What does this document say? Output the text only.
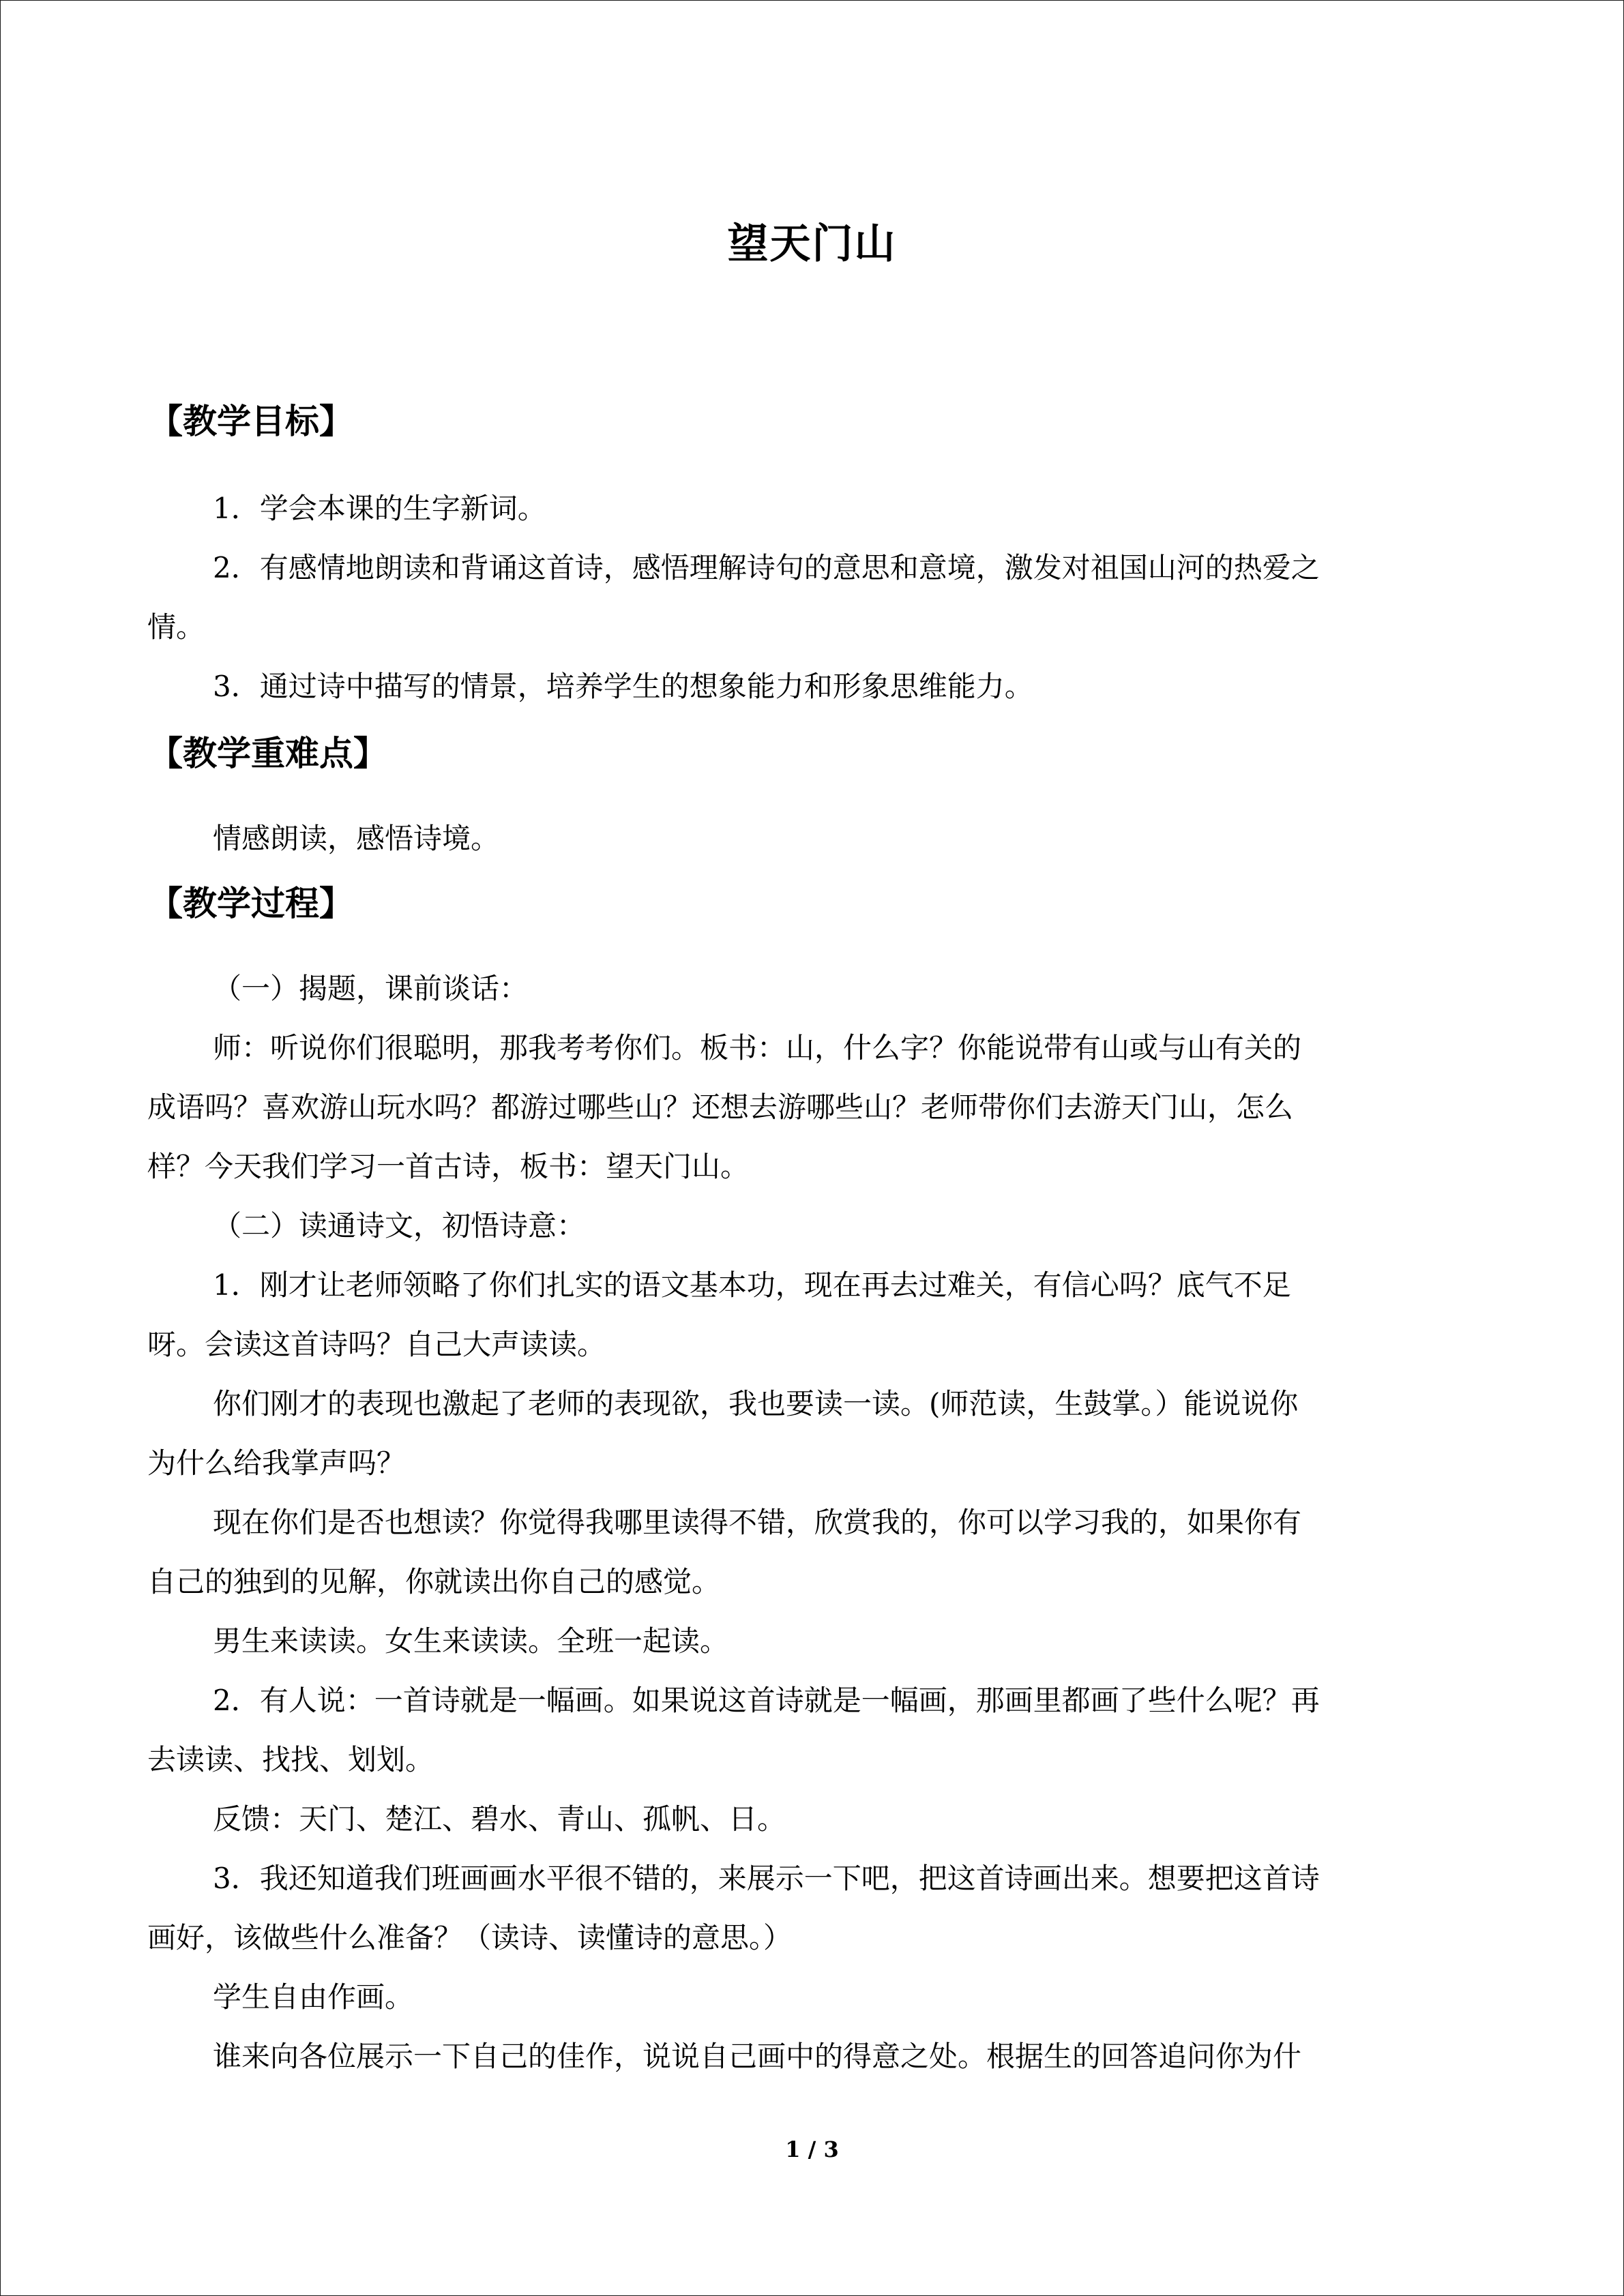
望天门山
【教学目标】
1．学会本课的生字新词。
2．有感情地朗读和背诵这首诗，感悟理解诗句的意思和意境，激发对祖国山河的热爱之
情。
3．通过诗中描写的情景，培养学生的想象能力和形象思维能力。
【教学重难点】
情感朗读，感悟诗境。
【教学过程】
（一）揭题，课前谈话：
师：听说你们很聪明，那我考考你们。板书：山，什么字？你能说带有山或与山有关的
成语吗？喜欢游山玩水吗？都游过哪些山？还想去游哪些山？老师带你们去游天门山，怎么
样？今天我们学习一首古诗，板书：望天门山。
（二）读通诗文，初悟诗意：
1．刚才让老师领略了你们扎实的语文基本功，现在再去过难关，有信心吗？底气不足
呀。会读这首诗吗？自己大声读读。
你们刚才的表现也激起了老师的表现欲，我也要读一读。(师范读，生鼓掌。）能说说你
为什么给我掌声吗？
现在你们是否也想读？你觉得我哪里读得不错，欣赏我的，你可以学习我的，如果你有
自己的独到的见解，你就读出你自己的感觉。
男生来读读。女生来读读。全班一起读。
2．有人说：一首诗就是一幅画。如果说这首诗就是一幅画，那画里都画了些什么呢？再
去读读、找找、划划。
反馈：天门、楚江、碧水、青山、孤帆、日。
3．我还知道我们班画画水平很不错的，来展示一下吧，把这首诗画出来。想要把这首诗
画好，该做些什么准备？（读诗、读懂诗的意思。）
学生自由作画。
谁来向各位展示一下自己的佳作，说说自己画中的得意之处。根据生的回答追问你为什
1 / 3
